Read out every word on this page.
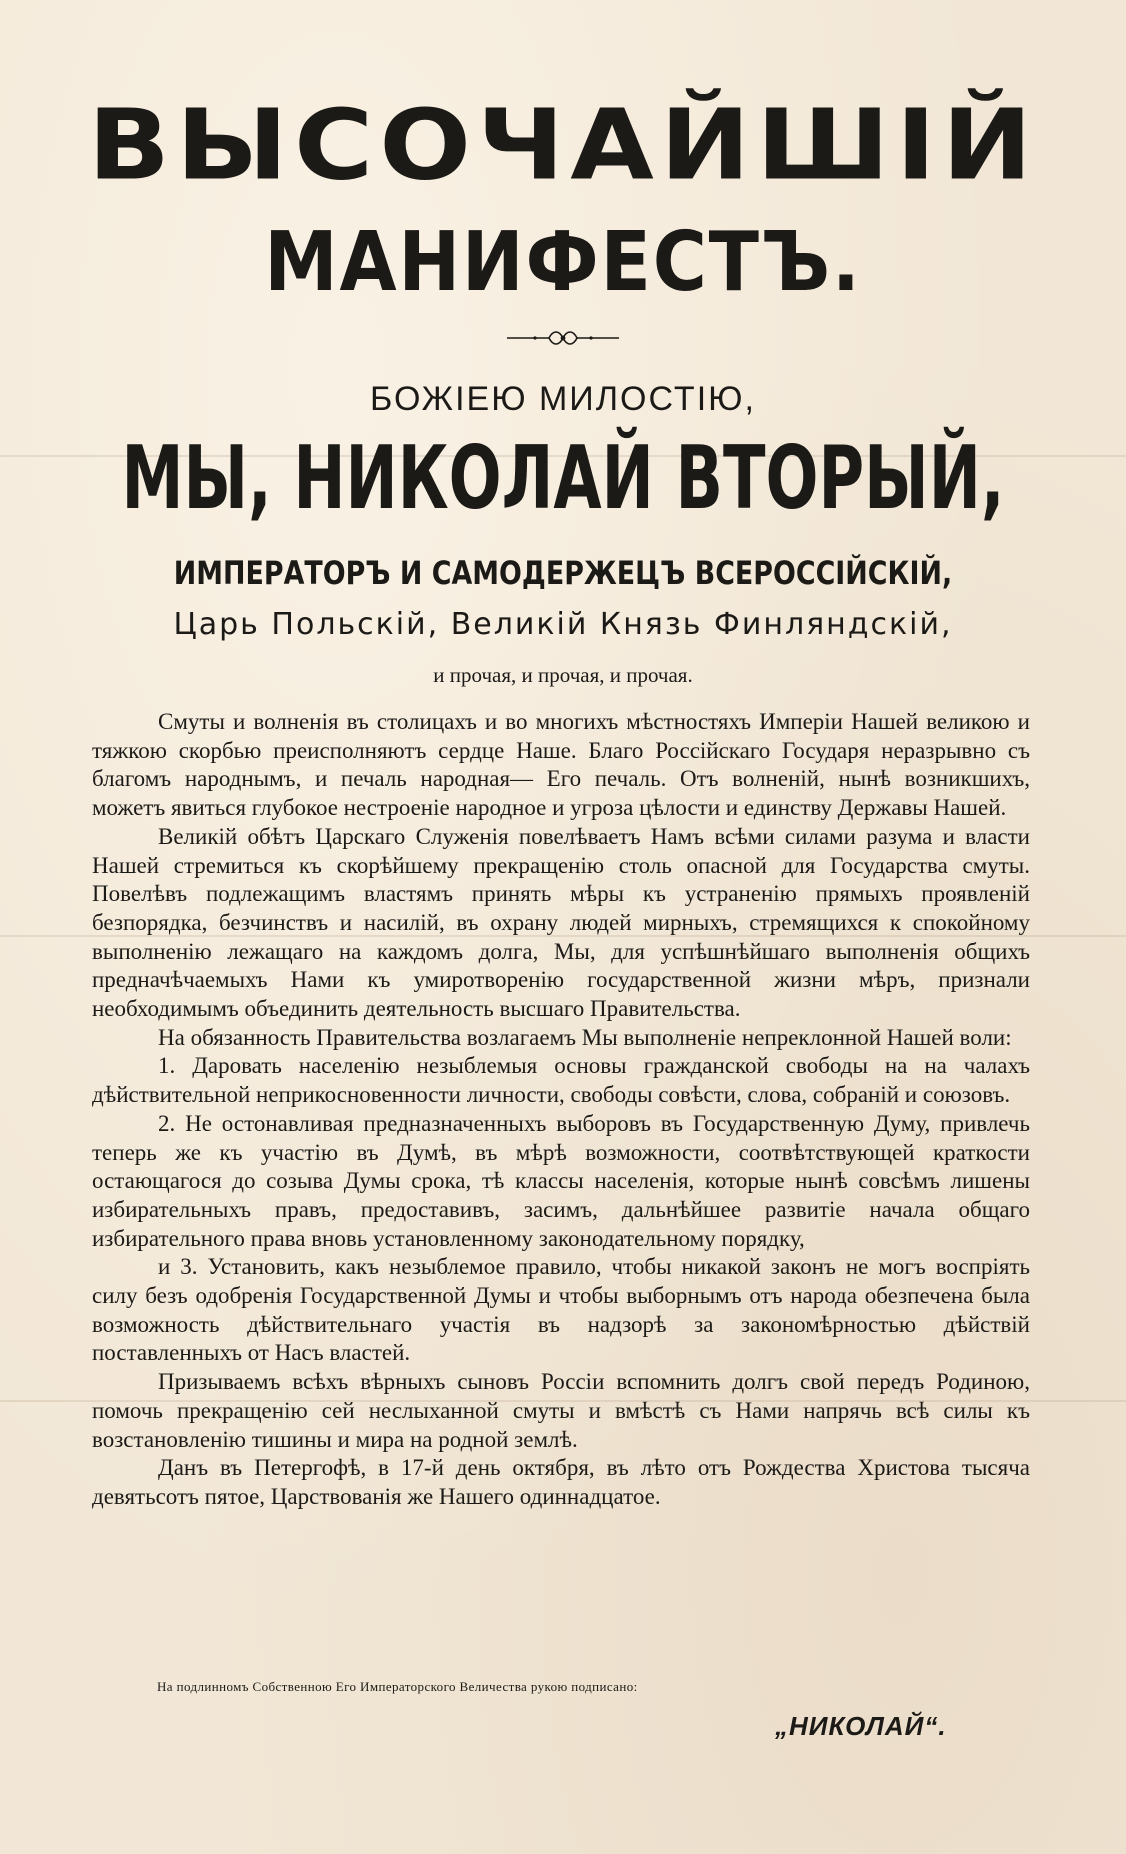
ВЫСОЧАЙШІЙ
МАНИФЕСТЪ.
БОЖІЕЮ МИЛОСТІЮ,
МЫ, НИКОЛАЙ ВТОРЫЙ,
ИМПЕРАТОРЪ И САМОДЕРЖЕЦЪ ВСЕРОССІЙСКІЙ,
Царь Польскій, Великій Князь Финляндскій,
и прочая, и прочая, и прочая.

Смуты и волненія въ столицахъ и во многихъ мѣстностяхъ Имперіи Нашей великою и тяжкою скорбью преисполняютъ сердце Наше. Благо Россійскаго Государя неразрывно съ благомъ народнымъ, и печаль народная— Его печаль. Отъ волненій, нынѣ возникшихъ, можетъ явиться глубокое нестроеніе народное и угроза цѣлости и единству Державы Нашей.

Великій обѣтъ Царскаго Служенія повелѣваетъ Намъ всѣми силами разума и власти Нашей стремиться къ скорѣйшему прекращенію столь опасной для Государства смуты. Повелѣвъ подлежащимъ властямъ принять мѣры къ устраненію прямыхъ проявленій безпорядка, безчинствъ и насилій, въ охрану людей мирныхъ, стремящихся к спокойному выполненію лежащаго на каждомъ долга, Мы, для успѣшнѣйшаго выполненія общихъ предначѣчаемыхъ Нами къ умиротворенію государственной жизни мѣръ, признали необходимымъ объединить деятельность высшаго Правительства.

На обязанность Правительства возлагаемъ Мы выполненіе непреклонной Нашей воли:

1. Даровать населенію незыблемыя основы гражданской свободы на на чалахъ дѣйствительной неприкосновенности личности, свободы совѣсти, слова, собраній и союзовъ.

2. Не остонавливая предназначенныхъ выборовъ въ Государственную Думу, привлечь теперь же къ участію въ Думѣ, въ мѣрѣ возможности, соотвѣтствующей краткости остающагося до созыва Думы срока, тѣ классы населенія, которые нынѣ совсѣмъ лишены избирательныхъ правъ, предоставивъ, засимъ, дальнѣйшее развитіе начала общаго избирательного права вновь установленному законодательному порядку,

и 3. Установить, какъ незыблемое правило, чтобы никакой законъ не могъ воспріять силу безъ одобренія Государственной Думы и чтобы выборнымъ отъ народа обезпечена была возможность дѣйствительнаго участія въ надзорѣ за закономѣрностью дѣйствій поставленныхъ от Насъ властей.

Призываемъ всѣхъ вѣрныхъ сыновъ Россіи вспомнить долгъ свой передъ Родиною, помочь прекращенію сей неслыханной смуты и вмѣстѣ съ Нами напрячь всѣ силы къ возстановленію тишины и мира на родной землѣ.

Данъ въ Петергофѣ, в 17-й день октября, въ лѣто отъ Рождества Христова тысяча девятьсотъ пятое, Царствованія же Нашего одиннадцатое.

На подлинномъ Собственною Его Императорского Величества рукою подписано:
„НИКОЛАЙ“.
